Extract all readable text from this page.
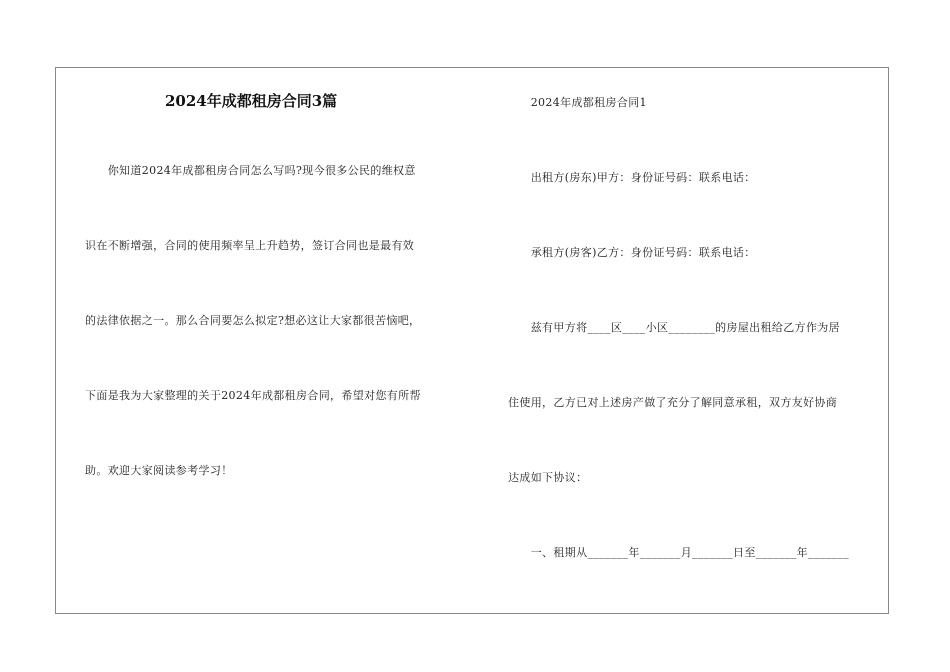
2024年成都租房合同3篇
　　你知道2024年成都租房合同怎么写吗?现今很多公民的维权意
识在不断增强，合同的使用频率呈上升趋势，签订合同也是最有效
的法律依据之一。那么合同要怎么拟定?想必这让大家都很苦恼吧，
下面是我为大家整理的关于2024年成都租房合同，希望对您有所帮
助。欢迎大家阅读参考学习！
　　2024年成都租房合同1
　　出租方(房东)甲方：身份证号码：联系电话：
　　承租方(房客)乙方：身份证号码：联系电话：
　　兹有甲方将____区____小区________的房屋出租给乙方作为居
住使用，乙方已对上述房产做了充分了解同意承租，双方友好协商
达成如下协议：
　　一、租期从_______年_______月_______日至_______年_______
